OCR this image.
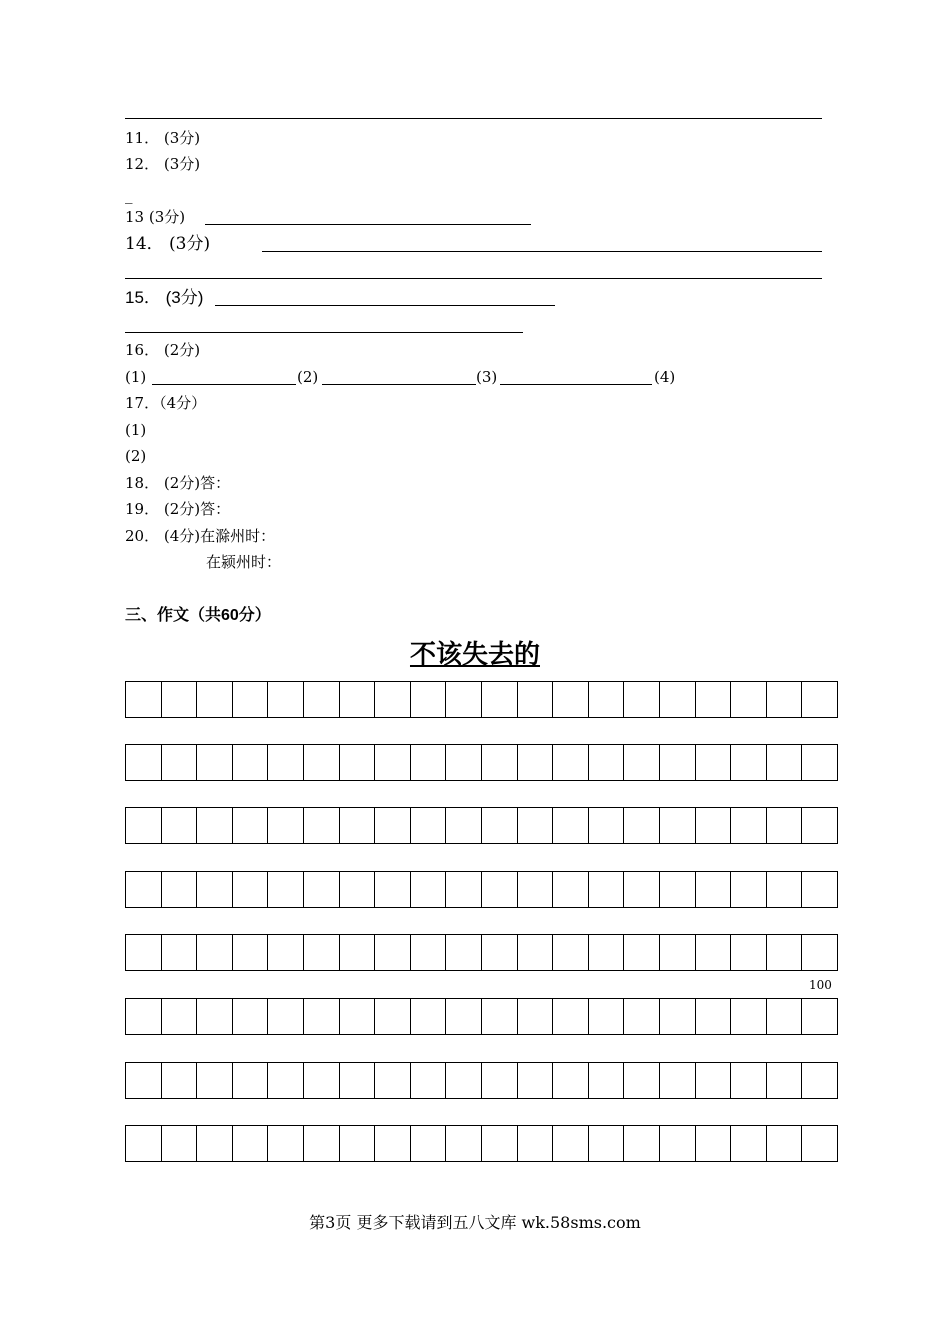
11． (3分)
12． (3分)
_
13 (3分)
14． (3分)
15． (3分)
16． (2分)
(1)	(2)	(3)	(4)
17．（4分）
(1)
(2)
18． (2分)答：
19． (2分)答：
20． (4分)在滁州时：
在颍州时：
三、作文（共60分）
不该失去的
100
第3页 更多下载请到五八文库 wk.58sms.com
